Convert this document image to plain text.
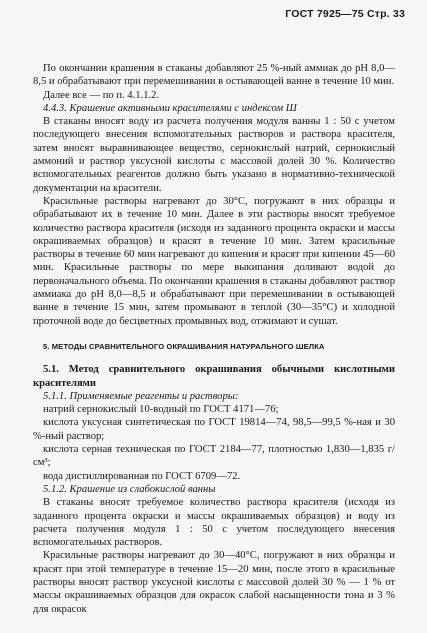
ГОСТ 7925—75 Стр. 33

По окончании крашения в стаканы добавляют 25 %-ный аммиак до рН 8,0—8,5 и обрабатывают при перемешивании в остывающей ванне в течение 10 мин.

Далее все — по п. 4.1.1.2.

4.4.3. Крашение активными красителями с индексом Ш

В стаканы вносят воду из расчета получения модуля ванны 1 : 50 с учетом последующего внесения вспомогательных растворов и раствора красителя, затем вносят выравнивающее вещество, сернокислый натрий, сернокислый аммоний и раствор уксусной кислоты с массовой долей 30 %. Количество вспомогательных реагентов должно быть указано в нормативно-технической документации на красители.

Красильные растворы нагревают до 30°С, погружают в них образцы и обрабатывают их в течение 10 мин. Далее в эти растворы вносят требуемое количество раствора красителя (исходя из заданного процента окраски и массы окрашиваемых образцов) и красят в течение 10 мин. Затем красильные растворы в течение 60 мин нагревают до кипения и красят при кипении 45—60 мин. Красильные растворы по мере выкипания доливают водой до первоначального объема. По окончании крашения в стаканы добавляют раствор аммиака до рН 8,0—8,5 и обрабатывают при перемешивании в остывающей ванне в течение 15 мин, затем промывают в теплой (30—35°С) и холодной проточной воде до бесцветных промывных вод, отжимают и сушат.

5. МЕТОДЫ СРАВНИТЕЛЬНОГО ОКРАШИВАНИЯ НАТУРАЛЬНОГО ШЕЛКА

5.1. Метод сравнительного окрашивания обычными кислотными красителями

5.1.1. Применяемые реагенты и растворы:

натрий сернокислый 10-водный по ГОСТ 4171—76;

кислота уксусная синтетическая по ГОСТ 19814—74, 98,5—99,5 %-ная и 30 %-ный раствор;

кислота серная техническая по ГОСТ 2184—77, плотностью 1,830—1,835 г/см³;

вода дистиллированная по ГОСТ 6709—72.

5.1.2. Крашение из слабокислой ванны

В стаканы вносят требуемое количество раствора красителя (исходя из заданного процента окраски и массы окрашиваемых образцов) и воду из расчета получения модуля 1 : 50 с учетом последующего внесения вспомогательных растворов.

Красильные растворы нагревают до 30—40°С, погружают в них образцы и красят при этой температуре в течение 15—20 мин, после этого в красильные растворы вносят раствор уксусной кислоты с массовой долей 30 % — 1 % от массы окрашиваемых образцов для окрасок слабой насыщенности тона и 3 % для окрасок
